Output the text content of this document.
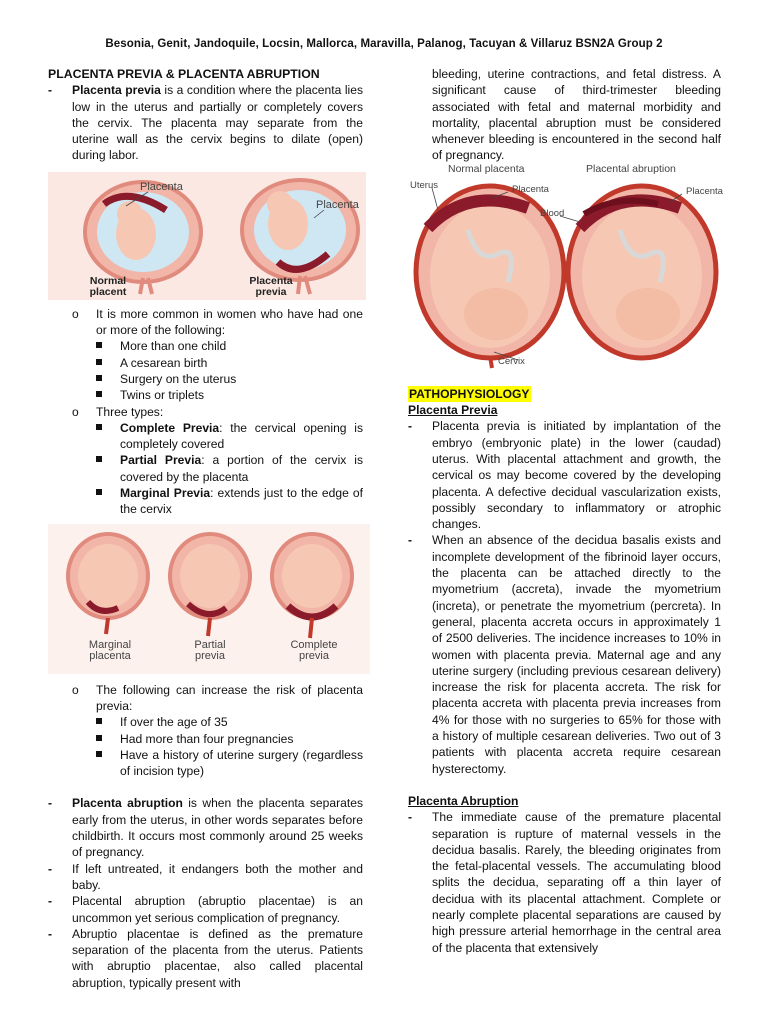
Besonia, Genit, Jandoquile, Locsin, Mallorca, Maravilla, Palanog, Tacuyan & Villaruz BSN2A Group 2

PLACENTA PREVIA & PLACENTA ABRUPTION

- Placenta previa is a condition where the placenta lies low in the uterus and partially or completely covers the cervix. The placenta may separate from the uterine wall as the cervix begins to dilate (open) during labor.

Placenta
Placenta
Normal placent
Placenta previa

o It is more common in women who have had one or more of the following:

More than one child

A cesarean birth

Surgery on the uterus

Twins or triplets

o Three types:

Complete Previa: the cervical opening is completely covered

Partial Previa: a portion of the cervix is covered by the placenta

Marginal Previa: extends just to the edge of the cervix

Marginal placenta
Partial previa
Complete previa

o The following can increase the risk of placenta previa:

If over the age of 35

Had more than four pregnancies

Have a history of uterine surgery (regardless of incision type)

- Placenta abruption is when the placenta separates early from the uterus, in other words separates before childbirth. It occurs most commonly around 25 weeks of pregnancy.

- If left untreated, it endangers both the mother and baby.

- Placental abruption (abruptio placentae) is an uncommon yet serious complication of pregnancy.

- Abruptio placentae is defined as the premature separation of the placenta from the uterus. Patients with abruptio placentae, also called placental abruption, typically present with

bleeding, uterine contractions, and fetal distress. A significant cause of third-trimester bleeding associated with fetal and maternal morbidity and mortality, placental abruption must be considered whenever bleeding is encountered in the second half of pregnancy.

Normal placenta	Placental abruption
Uterus	Placenta	Placenta
Blood
Cervix

PATHOPHYSIOLOGY

Placenta Previa

- Placenta previa is initiated by implantation of the embryo (embryonic plate) in the lower (caudad) uterus. With placental attachment and growth, the cervical os may become covered by the developing placenta. A defective decidual vascularization exists, possibly secondary to inflammatory or atrophic changes.

- When an absence of the decidua basalis exists and incomplete development of the fibrinoid layer occurs, the placenta can be attached directly to the myometrium (accreta), invade the myometrium (increta), or penetrate the myometrium (percreta). In general, placenta accreta occurs in approximately 1 of 2500 deliveries. The incidence increases to 10% in women with placenta previa. Maternal age and any uterine surgery (including previous cesarean delivery) increase the risk for placenta accreta. The risk for placenta accreta with placenta previa increases from 4% for those with no surgeries to 65% for those with a history of multiple cesarean deliveries. Two out of 3 patients with placenta accreta require cesarean hysterectomy.

Placenta Abruption

- The immediate cause of the premature placental separation is rupture of maternal vessels in the decidua basalis. Rarely, the bleeding originates from the fetal-placental vessels. The accumulating blood splits the decidua, separating off a thin layer of decidua with its placental attachment. Complete or nearly complete placental separations are caused by high pressure arterial hemorrhage in the central area of the placenta that extensively
